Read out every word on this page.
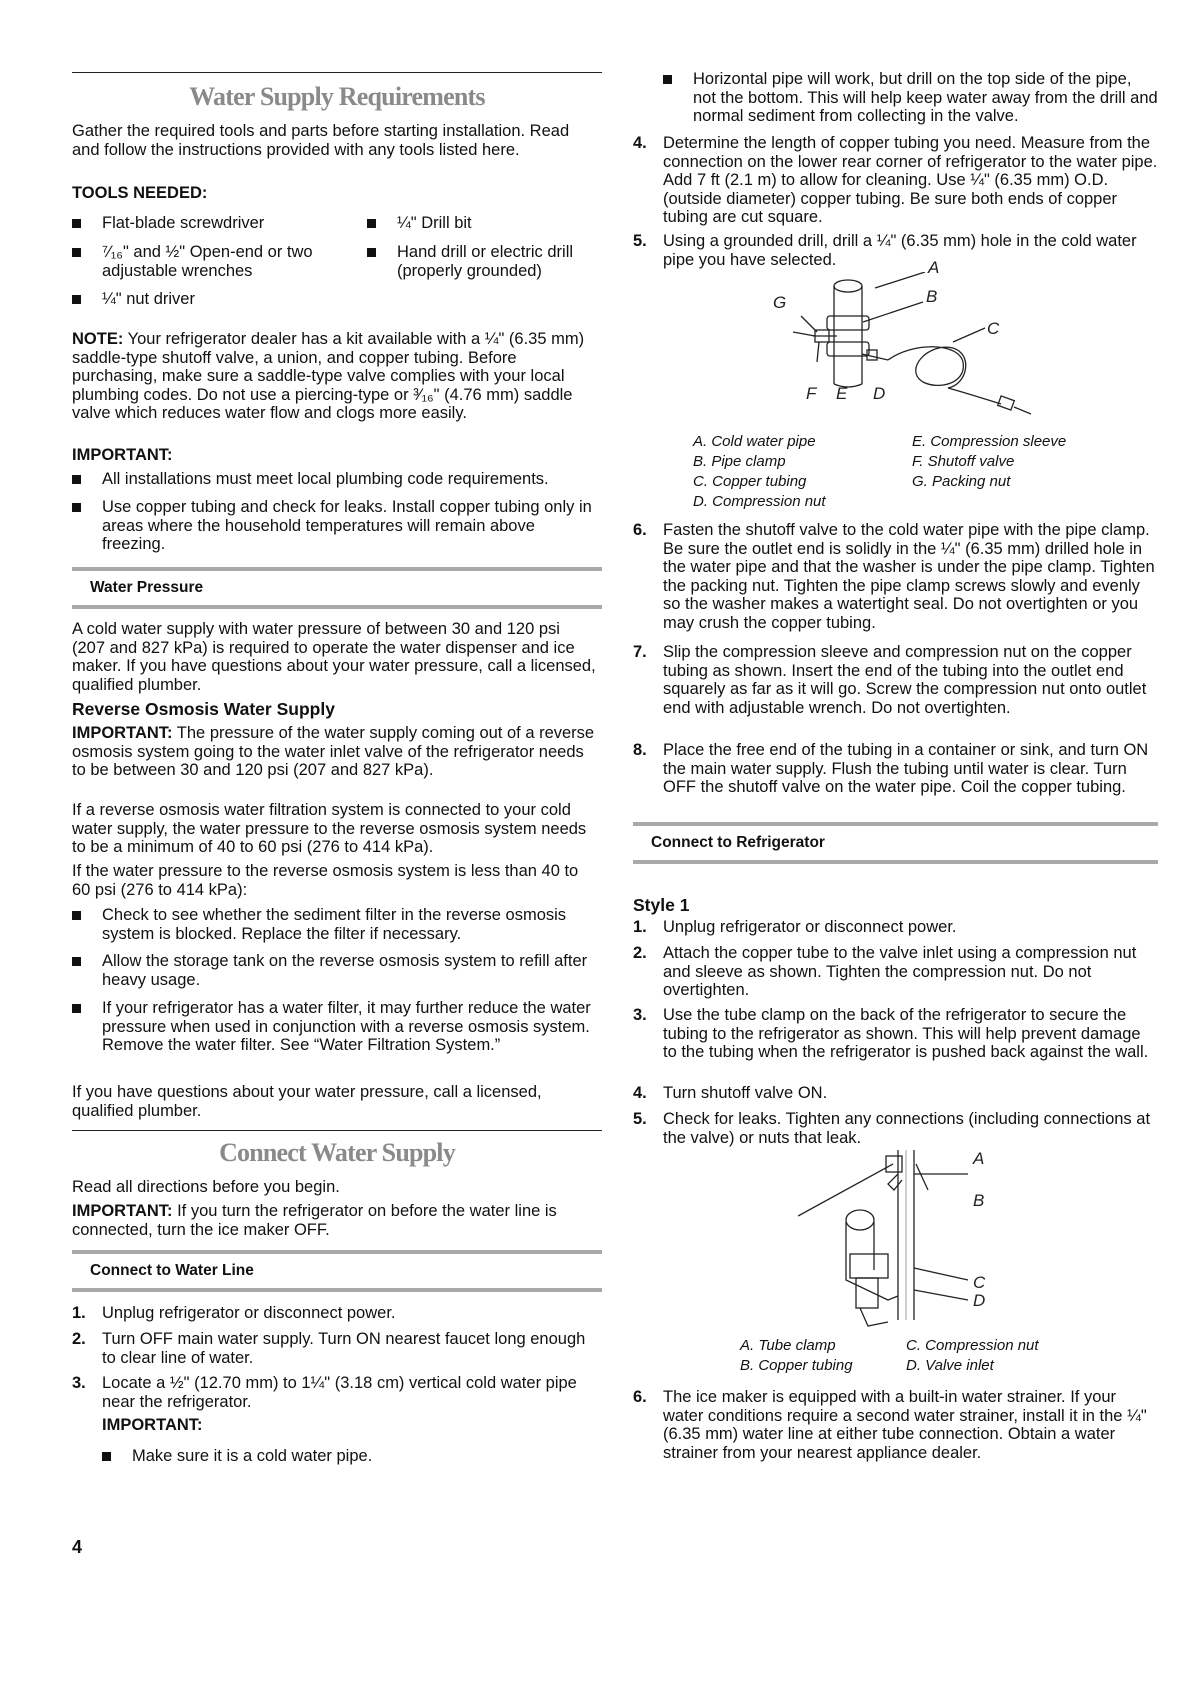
Water Supply Requirements

Gather the required tools and parts before starting installation. Read and follow the instructions provided with any tools listed here.

TOOLS NEEDED:
Flat-blade screwdriver
⁷⁄₁₆" and ½" Open-end or two adjustable wrenches
¼" nut driver
¼" Drill bit
Hand drill or electric drill (properly grounded)

NOTE: Your refrigerator dealer has a kit available with a ¼" (6.35 mm) saddle-type shutoff valve, a union, and copper tubing. Before purchasing, make sure a saddle-type valve complies with your local plumbing codes. Do not use a piercing-type or ³⁄₁₆" (4.76 mm) saddle valve which reduces water flow and clogs more easily.

IMPORTANT:
All installations must meet local plumbing code requirements.
Use copper tubing and check for leaks. Install copper tubing only in areas where the household temperatures will remain above freezing.
Water Pressure

A cold water supply with water pressure of between 30 and 120 psi (207 and 827 kPa) is required to operate the water dispenser and ice maker. If you have questions about your water pressure, call a licensed, qualified plumber.

Reverse Osmosis Water Supply

IMPORTANT: The pressure of the water supply coming out of a reverse osmosis system going to the water inlet valve of the refrigerator needs to be between 30 and 120 psi (207 and 827 kPa).

If a reverse osmosis water filtration system is connected to your cold water supply, the water pressure to the reverse osmosis system needs to be a minimum of 40 to 60 psi (276 to 414 kPa).

If the water pressure to the reverse osmosis system is less than 40 to 60 psi (276 to 414 kPa):

Check to see whether the sediment filter in the reverse osmosis system is blocked. Replace the filter if necessary.
Allow the storage tank on the reverse osmosis system to refill after heavy usage.
If your refrigerator has a water filter, it may further reduce the water pressure when used in conjunction with a reverse osmosis system. Remove the water filter. See “Water Filtration System.”

If you have questions about your water pressure, call a licensed, qualified plumber.

Connect Water Supply

Read all directions before you begin.

IMPORTANT: If you turn the refrigerator on before the water line is connected, turn the ice maker OFF.

Connect to Water Line
1. Unplug refrigerator or disconnect power.
2. Turn OFF main water supply. Turn ON nearest faucet long enough to clear line of water.
3. Locate a ½" (12.70 mm) to 1¼" (3.18 cm) vertical cold water pipe near the refrigerator.
IMPORTANT:
Make sure it is a cold water pipe.
4
Horizontal pipe will work, but drill on the top side of the pipe, not the bottom. This will help keep water away from the drill and normal sediment from collecting in the valve.
4. Determine the length of copper tubing you need. Measure from the connection on the lower rear corner of refrigerator to the water pipe. Add 7 ft (2.1 m) to allow for cleaning. Use ¼" (6.35 mm) O.D. (outside diameter) copper tubing. Be sure both ends of copper tubing are cut square.
5. Using a grounded drill, drill a ¼" (6.35 mm) hole in the cold water pipe you have selected.	A
B
C
G
F E D
A. Cold water pipe
B. Pipe clamp
C. Copper tubing
D. Compression nut
E. Compression sleeve
F. Shutoff valve
G. Packing nut
6. Fasten the shutoff valve to the cold water pipe with the pipe clamp. Be sure the outlet end is solidly in the ¼" (6.35 mm) drilled hole in the water pipe and that the washer is under the pipe clamp. Tighten the packing nut. Tighten the pipe clamp screws slowly and evenly so the washer makes a watertight seal. Do not overtighten or you may crush the copper tubing.
7. Slip the compression sleeve and compression nut on the copper tubing as shown. Insert the end of the tubing into the outlet end squarely as far as it will go. Screw the compression nut onto outlet end with adjustable wrench. Do not overtighten.
8. Place the free end of the tubing in a container or sink, and turn ON the main water supply. Flush the tubing until water is clear. Turn OFF the shutoff valve on the water pipe. Coil the copper tubing.
Connect to Refrigerator
Style 1
1. Unplug refrigerator or disconnect power.
2. Attach the copper tube to the valve inlet using a compression nut and sleeve as shown. Tighten the compression nut. Do not overtighten.
3. Use the tube clamp on the back of the refrigerator to secure the tubing to the refrigerator as shown. This will help prevent damage to the tubing when the refrigerator is pushed back against the wall.
4. Turn shutoff valve ON.
5. Check for leaks. Tighten any connections (including connections at the valve) or nuts that leak.
A
B
C
D
A. Tube clamp
B. Copper tubing
C. Compression nut
D. Valve inlet
6. The ice maker is equipped with a built-in water strainer. If your water conditions require a second water strainer, install it in the ¼" (6.35 mm) water line at either tube connection. Obtain a water strainer from your nearest appliance dealer.
